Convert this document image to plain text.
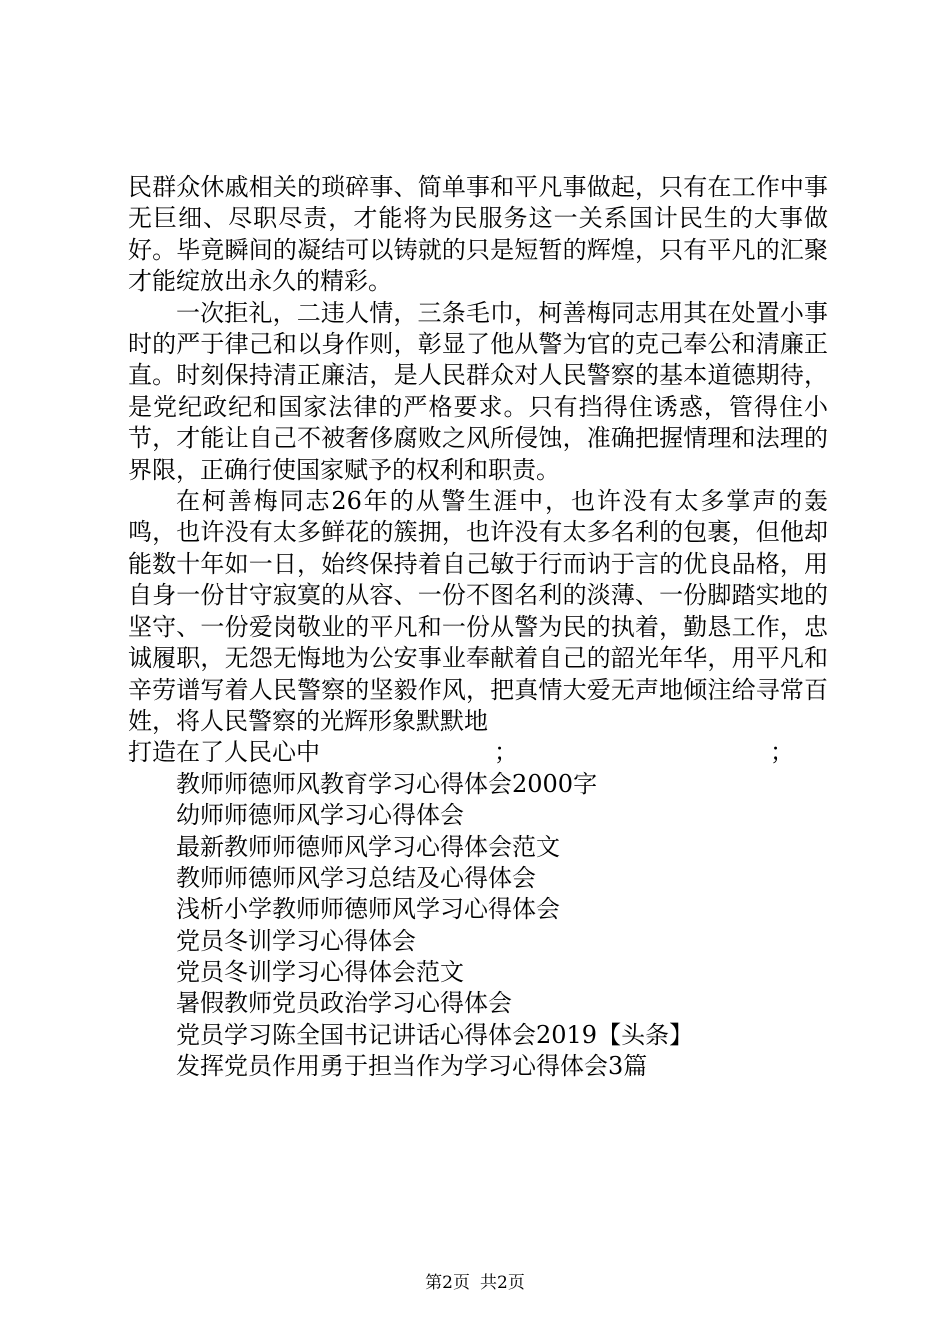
民群众休戚相关的琐碎事、简单事和平凡事做起，只有在工作中事无巨细、尽职尽责，才能将为民服务这一关系国计民生的大事做好。毕竟瞬间的凝结可以铸就的只是短暂的辉煌，只有平凡的汇聚才能绽放出永久的精彩。

一次拒礼，二违人情，三条毛巾，柯善梅同志用其在处置小事时的严于律己和以身作则，彰显了他从警为官的克己奉公和清廉正直。时刻保持清正廉洁，是人民群众对人民警察的基本道德期待，是党纪政纪和国家法律的严格要求。只有挡得住诱惑，管得住小节，才能让自己不被奢侈腐败之风所侵蚀，准确把握情理和法理的界限，正确行使国家赋予的权利和职责。

在柯善梅同志26年的从警生涯中，也许没有太多掌声的轰鸣，也许没有太多鲜花的簇拥，也许没有太多名利的包裹，但他却能数十年如一日，始终保持着自己敏于行而讷于言的优良品格，用自身一份甘守寂寞的从容、一份不图名利的淡薄、一份脚踏实地的坚守、一份爱岗敬业的平凡和一份从警为民的执着，勤恳工作，忠诚履职，无怨无悔地为公安事业奉献着自己的韶光年华，用平凡和辛劳谱写着人民警察的坚毅作风，把真情大爱无声地倾注给寻常百姓，将人民警察的光辉形象默默地

打造在了人民心中	；	；
教师师德师风教育学习心得体会2000字
幼师师德师风学习心得体会
最新教师师德师风学习心得体会范文
教师师德师风学习总结及心得体会
浅析小学教师师德师风学习心得体会
党员冬训学习心得体会
党员冬训学习心得体会范文
暑假教师党员政治学习心得体会
党员学习陈全国书记讲话心得体会2019【头条】
发挥党员作用勇于担当作为学习心得体会3篇
第2页 共2页
